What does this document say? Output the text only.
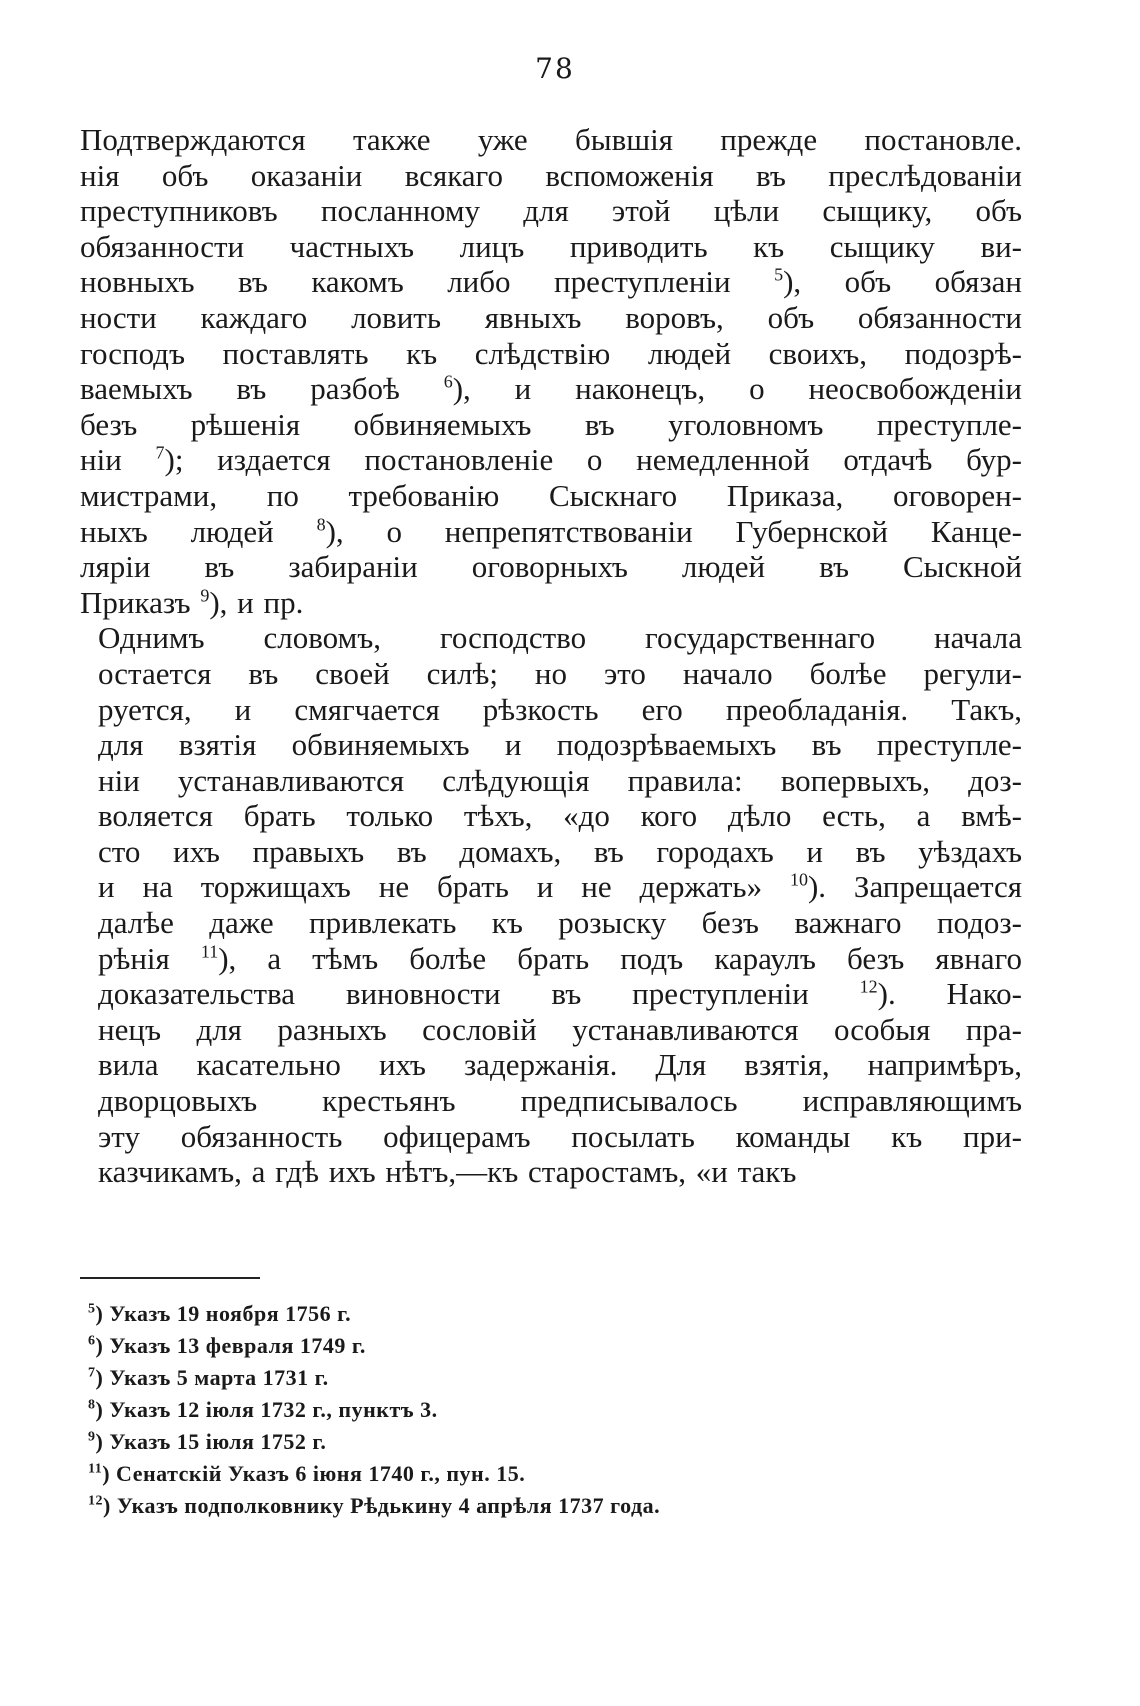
78

Подтверждаются также уже бывшія прежде постановле.
нія объ оказаніи всякаго вспоможенія въ преслѣдованіи
преступниковъ посланному для этой цѣли сыщику, объ
обязанности частныхъ лицъ приводить къ сыщику ви-
новныхъ въ какомъ либо преступленіи $^5$), объ обязан
ности каждаго ловить явныхъ воровъ, объ обязанности
господъ поставлять къ слѣдствію людей своихъ, подозрѣ-
ваемыхъ въ разбоѣ $^6$), и наконецъ, о неосвобожденіи
безъ рѣшенія обвиняемыхъ въ уголовномъ преступле-
ніи $^7$); издается постановленіе о немедленной отдачѣ бур-
мистрами, по требованію Сыскнаго Приказа, оговорен-
ныхъ людей $^8$), о непрепятствованіи Губернской Канце-
ляріи въ забираніи оговорныхъ людей въ Сыскной
Приказъ $^9$), и пр.

Однимъ словомъ, господство государственнаго начала
остается въ своей силѣ; но это начало болѣе регули-
руется, и смягчается рѣзкость его преобладанія. Такъ,
для взятія обвиняемыхъ и подозрѣваемыхъ въ преступле-
ніи устанавливаются слѣдующія правила: вопервыхъ, доз-
воляется брать только тѣхъ, «до кого дѣло есть, а вмѣ-
сто ихъ правыхъ въ домахъ, въ городахъ и въ уѣздахъ
и на торжищахъ не брать и не держать» $^{10}$). Запрещается
далѣе даже привлекать къ розыску безъ важнаго подоз-
рѣнія $^{11}$), а тѣмъ болѣе брать подъ караулъ безъ явнаго
доказательства виновности въ преступленіи $^{12}$). Нако-
нецъ для разныхъ сословій устанавливаются особыя пра-
вила касательно ихъ задержанія. Для взятія, напримѣръ,
дворцовыхъ крестьянъ предписывалось исправляющимъ
эту обязанность офицерамъ посылать команды къ при-
казчикамъ, а гдѣ ихъ нѣтъ,—къ старостамъ, «и такъ

$^5$) Указъ 19 ноября 1756 г.
$^6$) Указъ 13 февраля 1749 г.
$^7$) Указъ 5 марта 1731 г.
$^8$) Указъ 12 іюля 1732 г., пунктъ 3.
$^9$) Указъ 15 іюля 1752 г.
$^{11}$) Сенатскій Указъ 6 іюня 1740 г., пун. 15.
$^{12}$) Указъ подполковнику Рѣдькину 4 апрѣля 1737 года.
